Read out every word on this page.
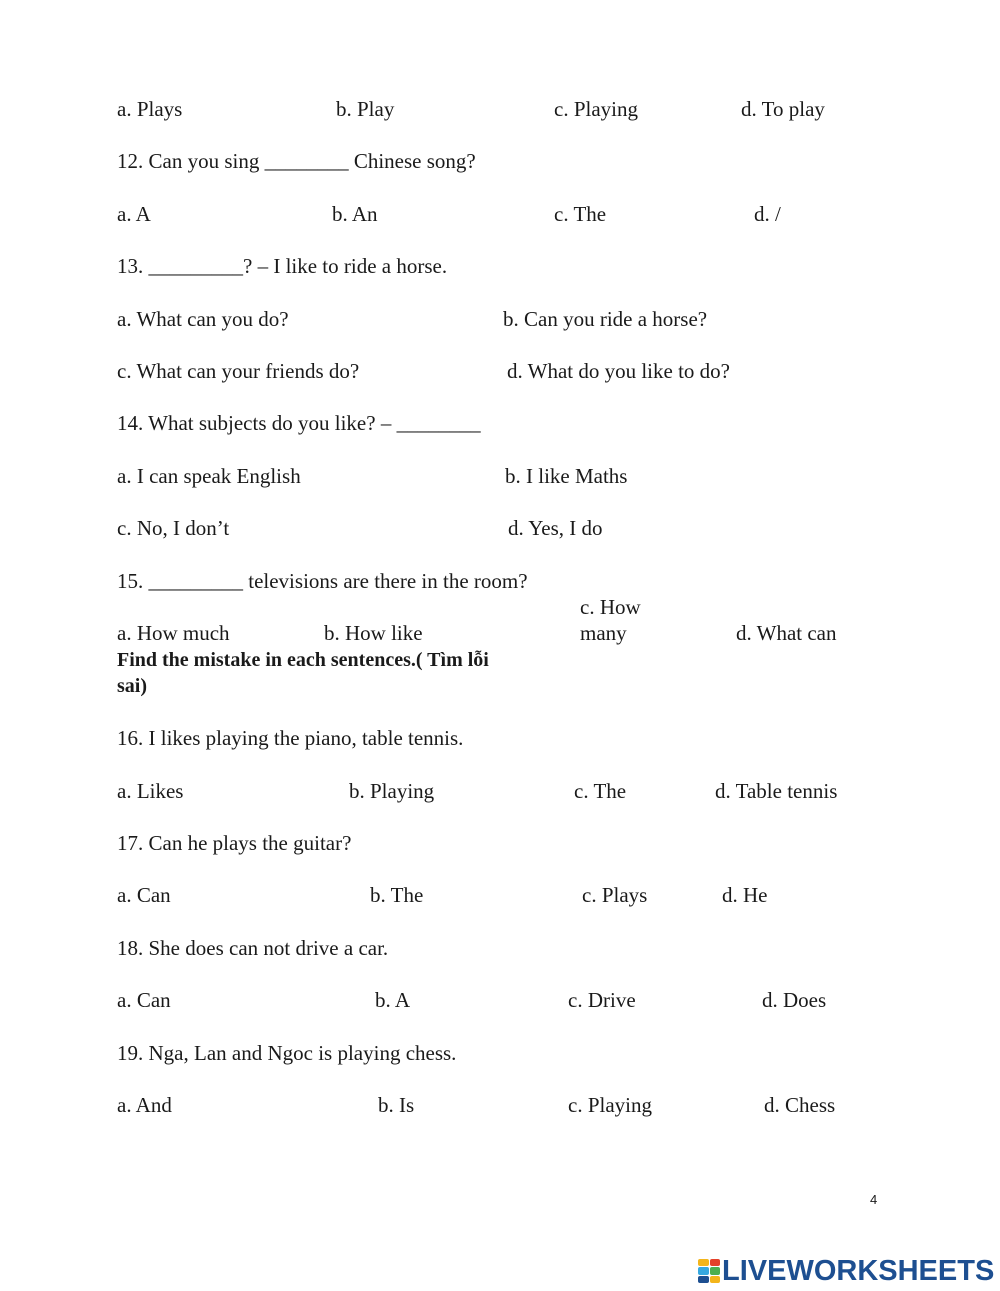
a. Plays	b. Play	c. Playing	d. To play
12. Can you sing ________ Chinese song?
a. A	b. An	c. The	d. /
13. _________? – I like to ride a horse.
a. What can you do?	b. Can you ride a horse?
c. What can your friends do?	d. What do you like to do?
14. What subjects do you like? – ________
a. I can speak English	b. I like Maths
c. No, I don’t	d. Yes, I do
15. _________ televisions are there in the room?
a. How much	b. How like
c. How
many	d. What can
Find the mistake in each sentences.( Tìm lỗi
sai)
16. I likes playing the piano, table tennis.
a. Likes	b. Playing	c. The	d. Table tennis
17. Can he plays the guitar?
a. Can	b. The	c. Plays	d. He
18. She does can not drive a car.
a. Can	b. A	c. Drive	d. Does
19. Nga, Lan and Ngoc is playing chess.
a. And	b. Is	c. Playing	d. Chess
4
LIVEWORKSHEETS
